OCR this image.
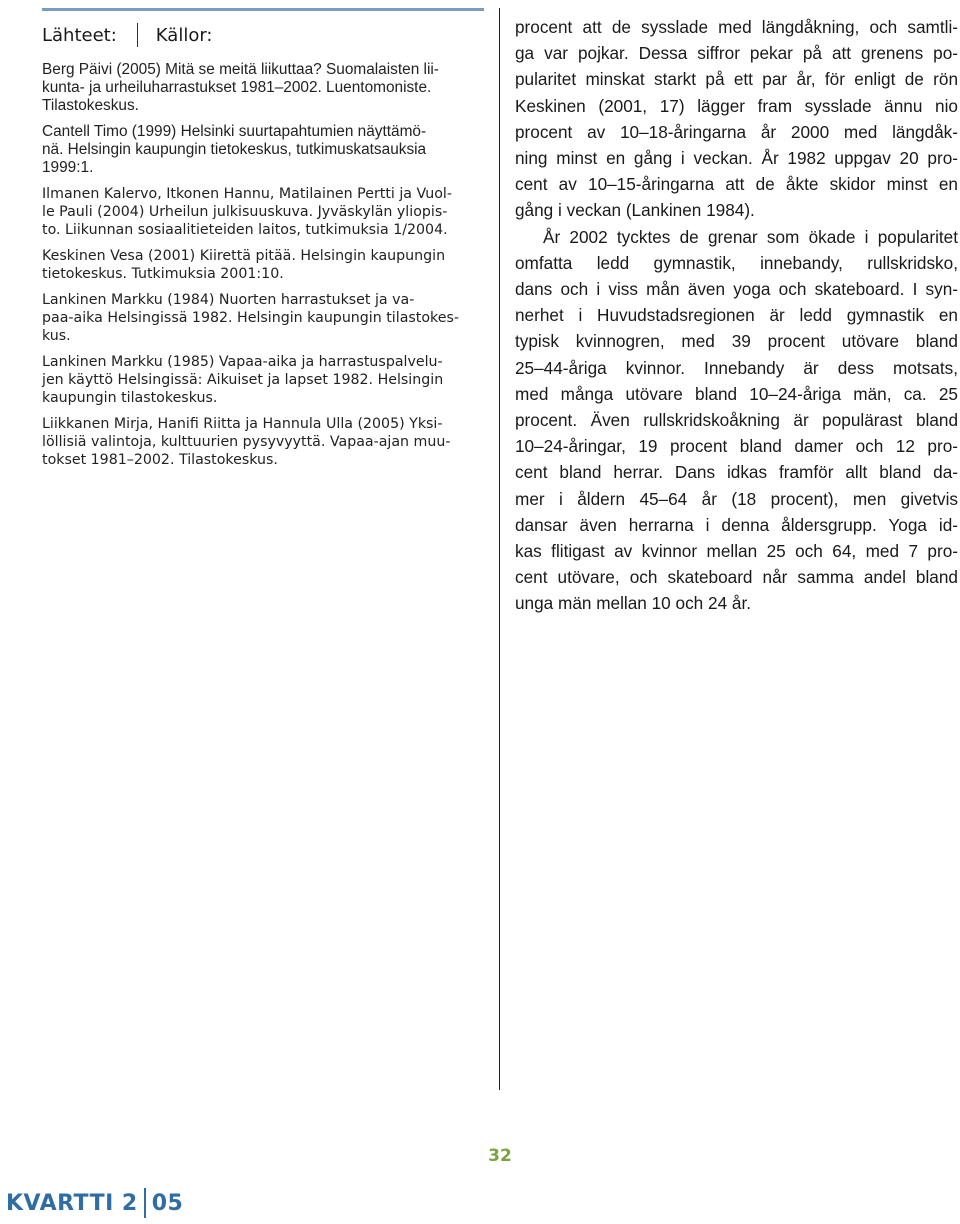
Lähteet: Källor:
Berg Päivi (2005) Mitä se meitä liikuttaa? Suomalaisten lii-
kunta- ja urheiluharrastukset 1981–2002. Luentomoniste.
Tilastokeskus.
Cantell Timo (1999) Helsinki suurtapahtumien näyttämö-
nä. Helsingin kaupungin tietokeskus, tutkimuskatsauksia
1999:1.
Ilmanen Kalervo, Itkonen Hannu, Matilainen Pertti ja Vuol-
le Pauli (2004) Urheilun julkisuuskuva. Jyväskylän yliopis-
to. Liikunnan sosiaalitieteiden laitos, tutkimuksia 1/2004.
Keskinen Vesa (2001) Kiirettä pitää. Helsingin kaupungin
tietokeskus. Tutkimuksia 2001:10.
Lankinen Markku (1984) Nuorten harrastukset ja va-
paa-aika Helsingissä 1982. Helsingin kaupungin tilastokes-
kus.
Lankinen Markku (1985) Vapaa-aika ja harrastuspalvelu-
jen käyttö Helsingissä: Aikuiset ja lapset 1982. Helsingin
kaupungin tilastokeskus.
Liikkanen Mirja, Hanifi Riitta ja Hannula Ulla (2005) Yksi-
löllisiä valintoja, kulttuurien pysyvyyttä. Vapaa-ajan muu-
tokset 1981–2002. Tilastokeskus.
procent att de sysslade med längdåkning, och samtli-
ga var pojkar. Dessa siffror pekar på att grenens po-
pularitet minskat starkt på ett par år, för enligt de rön
Keskinen (2001, 17) lägger fram sysslade ännu nio
procent av 10–18-åringarna år 2000 med längdåk-
ning minst en gång i veckan. År 1982 uppgav 20 pro-
cent av 10–15-åringarna att de åkte skidor minst en
gång i veckan (Lankinen 1984).
År 2002 tycktes de grenar som ökade i popularitet
omfatta ledd gymnastik, innebandy, rullskridsko,
dans och i viss mån även yoga och skateboard. I syn-
nerhet i Huvudstadsregionen är ledd gymnastik en
typisk kvinnogren, med 39 procent utövare bland
25–44-åriga kvinnor. Innebandy är dess motsats,
med många utövare bland 10–24-åriga män, ca. 25
procent. Även rullskridskoåkning är populärast bland
10–24-åringar, 19 procent bland damer och 12 pro-
cent bland herrar. Dans idkas framför allt bland da-
mer i åldern 45–64 år (18 procent), men givetvis
dansar även herrarna i denna åldersgrupp. Yoga id-
kas flitigast av kvinnor mellan 25 och 64, med 7 pro-
cent utövare, och skateboard når samma andel bland
unga män mellan 10 och 24 år.
32
KVARTTI 2 05
